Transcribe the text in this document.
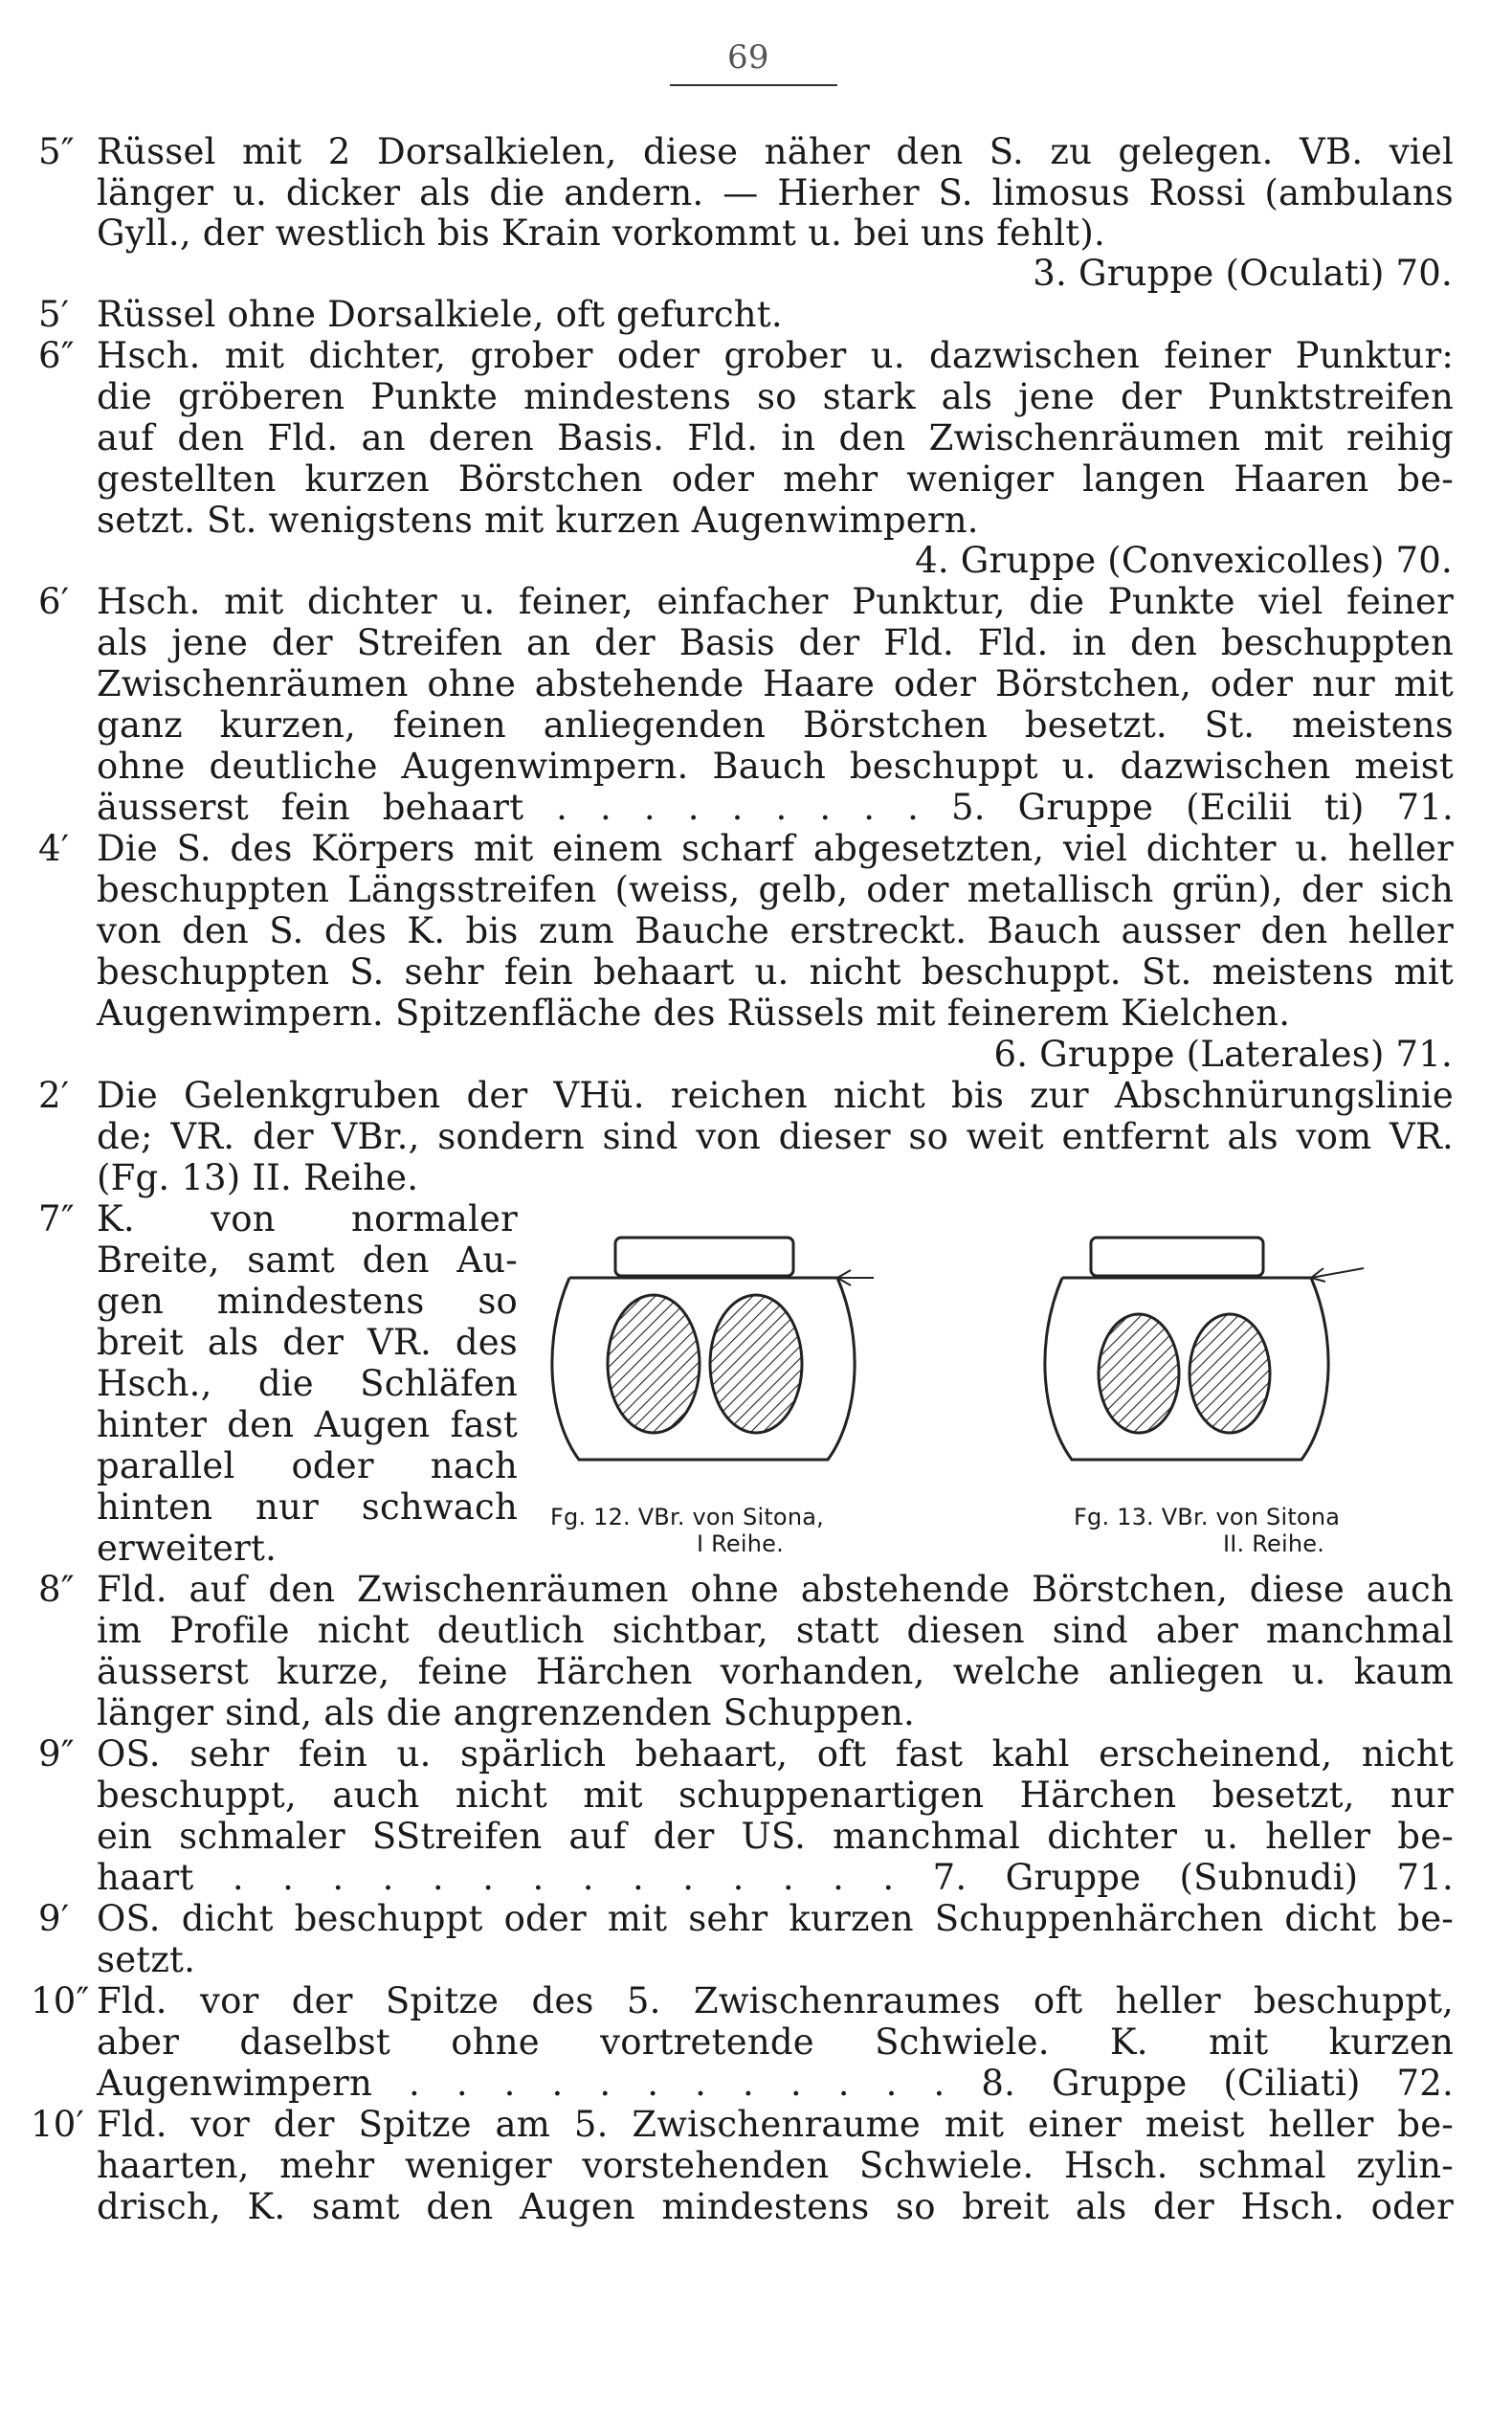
69
5″ Rüssel mit 2 Dorsalkielen, diese näher den S. zu gelegen. VB. viel
länger u. dicker als die andern. — Hierher S. limosus Rossi (ambulans
Gyll., der westlich bis Krain vorkommt u. bei uns fehlt).
3. Gruppe (Oculati) 70.
5′ Rüssel ohne Dorsalkiele, oft gefurcht.
6″ Hsch. mit dichter, grober oder grober u. dazwischen feiner Punktur:
die gröberen Punkte mindestens so stark als jene der Punktstreifen
auf den Fld. an deren Basis. Fld. in den Zwischenräumen mit reihig
gestellten kurzen Börstchen oder mehr weniger langen Haaren be-
setzt. St. wenigstens mit kurzen Augenwimpern.
4. Gruppe (Convexicolles) 70.
6′ Hsch. mit dichter u. feiner, einfacher Punktur, die Punkte viel feiner
als jene der Streifen an der Basis der Fld. Fld. in den beschuppten
Zwischenräumen ohne abstehende Haare oder Börstchen, oder nur mit
ganz kurzen, feinen anliegenden Börstchen besetzt. St. meistens
ohne deutliche Augenwimpern. Bauch beschuppt u. dazwischen meist
äusserst fein behaart . . . . . . . . . 5. Gruppe (Ecilii ti) 71.
4′ Die S. des Körpers mit einem scharf abgesetzten, viel dichter u. heller
beschuppten Längsstreifen (weiss, gelb, oder metallisch grün), der sich
von den S. des K. bis zum Bauche erstreckt. Bauch ausser den heller
beschuppten S. sehr fein behaart u. nicht beschuppt. St. meistens mit
Augenwimpern. Spitzenfläche des Rüssels mit feinerem Kielchen.
6. Gruppe (Laterales) 71.
2′ Die Gelenkgruben der VHü. reichen nicht bis zur Abschnürungslinie
de; VR. der VBr., sondern sind von dieser so weit entfernt als vom VR.
(Fg. 13) II. Reihe.
7″ K. von normaler
Breite, samt den Au-
gen mindestens so
breit als der VR. des
Hsch., die Schläfen
hinter den Augen fast
parallel oder nach
hinten nur schwach
erweitert.
Fg. 12. VBr. von Sitona,
I Reihe.
Fg. 13. VBr. von Sitona
II. Reihe.
8″ Fld. auf den Zwischenräumen ohne abstehende Börstchen, diese auch
im Profile nicht deutlich sichtbar, statt diesen sind aber manchmal
äusserst kurze, feine Härchen vorhanden, welche anliegen u. kaum
länger sind, als die angrenzenden Schuppen.
9″ OS. sehr fein u. spärlich behaart, oft fast kahl erscheinend, nicht
beschuppt, auch nicht mit schuppenartigen Härchen besetzt, nur
ein schmaler SStreifen auf der US. manchmal dichter u. heller be-
haart . . . . . . . . . . . . . . 7. Gruppe (Subnudi) 71.
9′ OS. dicht beschuppt oder mit sehr kurzen Schuppenhärchen dicht be-
setzt.
10″ Fld. vor der Spitze des 5. Zwischenraumes oft heller beschuppt,
aber daselbst ohne vortretende Schwiele. K. mit kurzen
Augenwimpern . . . . . . . . . . . . 8. Gruppe (Ciliati) 72.
10′ Fld. vor der Spitze am 5. Zwischenraume mit einer meist heller be-
haarten, mehr weniger vorstehenden Schwiele. Hsch. schmal zylin-
drisch, K. samt den Augen mindestens so breit als der Hsch. oder
